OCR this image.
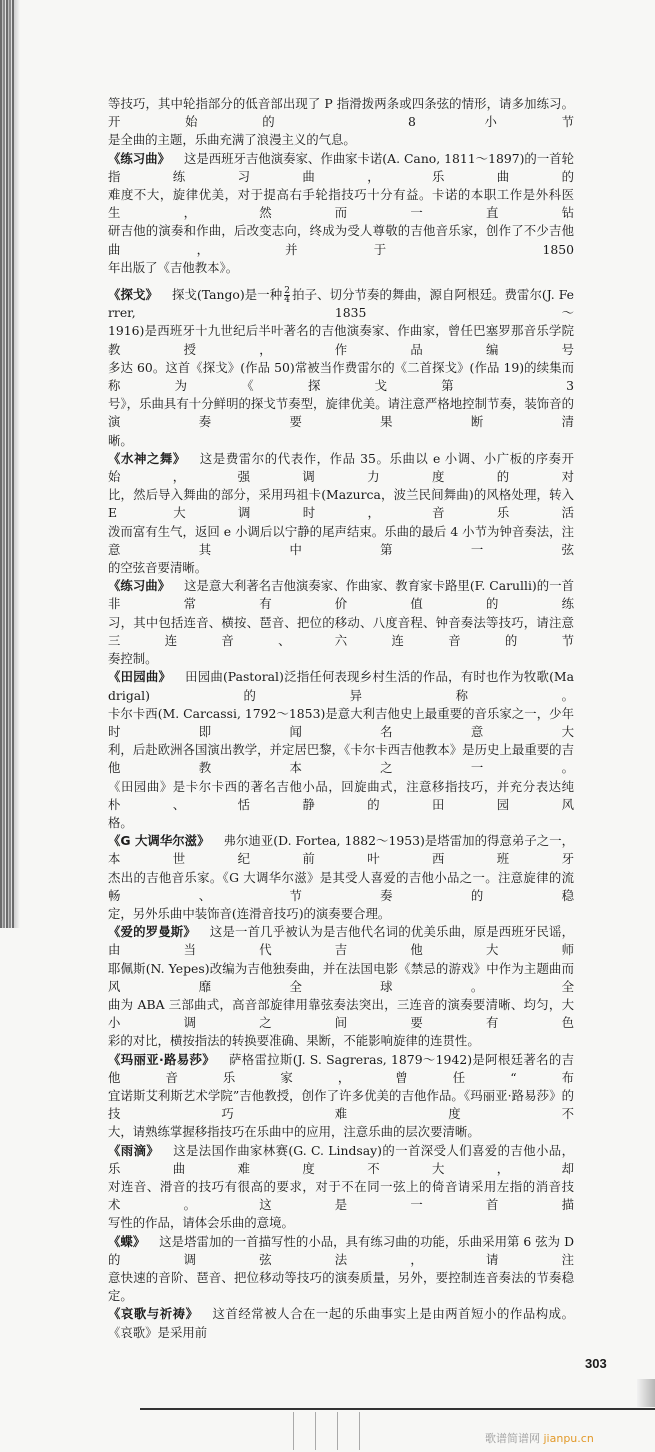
等技巧，其中轮指部分的低音部出现了 P 指滑拨两条或四条弦的情形，请多加练习。开始的 8 小节
是全曲的主题，乐曲充满了浪漫主义的气息。
《练习曲》 这是西班牙吉他演奏家、作曲家卡诺(A. Cano, 1811～1897)的一首轮指练习曲，乐曲的
难度不大，旋律优美，对于提高右手轮指技巧十分有益。卡诺的本职工作是外科医生，然而一直钻
研吉他的演奏和作曲，后改变志向，终成为受人尊敬的吉他音乐家，创作了不少吉他曲，并于 1850
年出版了《吉他教本》。
《探戈》 探戈(Tango)是一种 $\frac{2}{4}$ 拍子、切分节奏的舞曲，源自阿根廷。费雷尔(J. Ferrer, 1835～
1916)是西班牙十九世纪后半叶著名的吉他演奏家、作曲家，曾任巴塞罗那音乐学院教授，作品编号
多达 60。这首《探戈》(作品 50)常被当作费雷尔的《二首探戈》(作品 19)的续集而称为《探戈第 3
号》，乐曲具有十分鲜明的探戈节奏型，旋律优美。请注意严格地控制节奏，装饰音的演奏要果断清
晰。
《水神之舞》 这是费雷尔的代表作，作品 35。乐曲以 e 小调、小广板的序奏开始，强调力度的对
比，然后导入舞曲的部分，采用玛祖卡(Mazurca，波兰民间舞曲)的风格处理，转入 E 大调时，音乐活
泼而富有生气，返回 e 小调后以宁静的尾声结束。乐曲的最后 4 小节为钟音奏法，注意其中第一弦
的空弦音要清晰。
《练习曲》 这是意大利著名吉他演奏家、作曲家、教育家卡路里(F. Carulli)的一首非常有价值的练
习，其中包括连音、横按、琶音、把位的移动、八度音程、钟音奏法等技巧，请注意三连音、六连音的节
奏控制。
《田园曲》 田园曲(Pastoral)泛指任何表现乡村生活的作品，有时也作为牧歌(Madrigal)的异称。
卡尔卡西(M. Carcassi, 1792～1853)是意大利吉他史上最重要的音乐家之一，少年时即闻名意大
利，后赴欧洲各国演出教学，并定居巴黎，《卡尔卡西吉他教本》是历史上最重要的吉他教本之一。
《田园曲》是卡尔卡西的著名吉他小品，回旋曲式，注意移指技巧，并充分表达纯朴、恬静的田园风
格。
《G 大调华尔滋》 弗尔迪亚(D. Fortea, 1882～1953)是塔雷加的得意弟子之一，本世纪前叶西班牙
杰出的吉他音乐家。《G 大调华尔滋》是其受人喜爱的吉他小品之一。注意旋律的流畅、节奏的稳
定，另外乐曲中装饰音(连滑音技巧)的演奏要合理。
《爱的罗曼斯》 这是一首几乎被认为是吉他代名词的优美乐曲，原是西班牙民谣，由当代吉他大师
耶佩斯(N. Yepes)改编为吉他独奏曲，并在法国电影《禁忌的游戏》中作为主题曲而风靡全球。全
曲为 ABA 三部曲式，高音部旋律用靠弦奏法突出，三连音的演奏要清晰、均匀，大小调之间要有色
彩的对比，横按指法的转换要准确、果断，不能影响旋律的连贯性。
《玛丽亚·路易莎》 萨格雷拉斯(J. S. Sagreras, 1879～1942)是阿根廷著名的吉他音乐家，曾任“布
宜诺斯艾利斯艺术学院”吉他教授，创作了许多优美的吉他作品。《玛丽亚·路易莎》的技巧难度不
大，请熟练掌握移指技巧在乐曲中的应用，注意乐曲的层次要清晰。
《雨滴》 这是法国作曲家林赛(G. C. Lindsay)的一首深受人们喜爱的吉他小品，乐曲难度不大，却
对连音、滑音的技巧有很高的要求，对于不在同一弦上的倚音请采用左指的消音技术。这是一首描
写性的作品，请体会乐曲的意境。
《蝶》 这是塔雷加的一首描写性的小品，具有练习曲的功能，乐曲采用第 6 弦为 D 的调弦法，请注
意快速的音阶、琶音、把位移动等技巧的演奏质量，另外，要控制连音奏法的节奏稳定。
《哀歌与祈祷》 这首经常被人合在一起的乐曲事实上是由两首短小的作品构成。《哀歌》是采用前
303
歌谱简谱网 jianpu.cn
